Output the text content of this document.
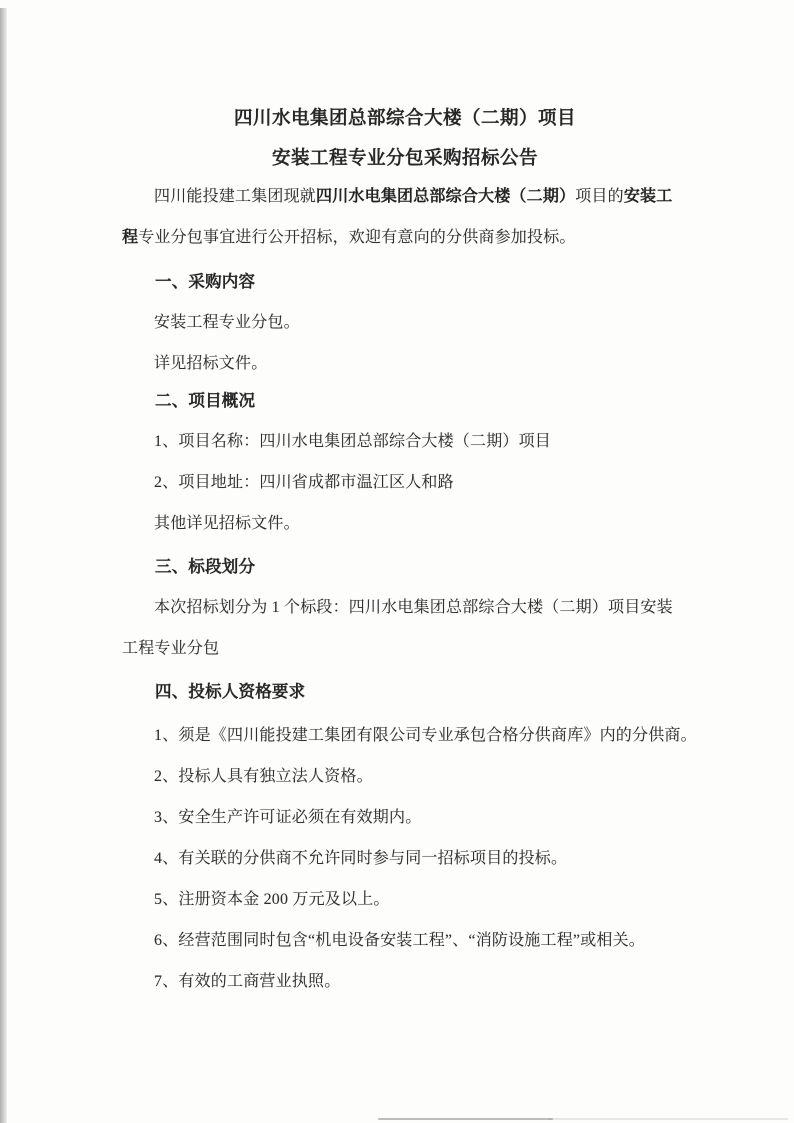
四川水电集团总部综合大楼（二期）项目
安装工程专业分包采购招标公告

四川能投建工集团现就四川水电集团总部综合大楼（二期）项目的安装工程专业分包事宜进行公开招标，欢迎有意向的分供商参加投标。

一、采购内容

安装工程专业分包。

详见招标文件。

二、项目概况

1、项目名称：四川水电集团总部综合大楼（二期）项目

2、项目地址：四川省成都市温江区人和路

其他详见招标文件。

三、标段划分

本次招标划分为 1 个标段：四川水电集团总部综合大楼（二期）项目安装工程专业分包

四、投标人资格要求

1、须是《四川能投建工集团有限公司专业承包合格分供商库》内的分供商。

2、投标人具有独立法人资格。

3、安全生产许可证必须在有效期内。

4、有关联的分供商不允许同时参与同一招标项目的投标。

5、注册资本金 200 万元及以上。

6、经营范围同时包含“机电设备安装工程”、“消防设施工程”或相关。

7、有效的工商营业执照。
